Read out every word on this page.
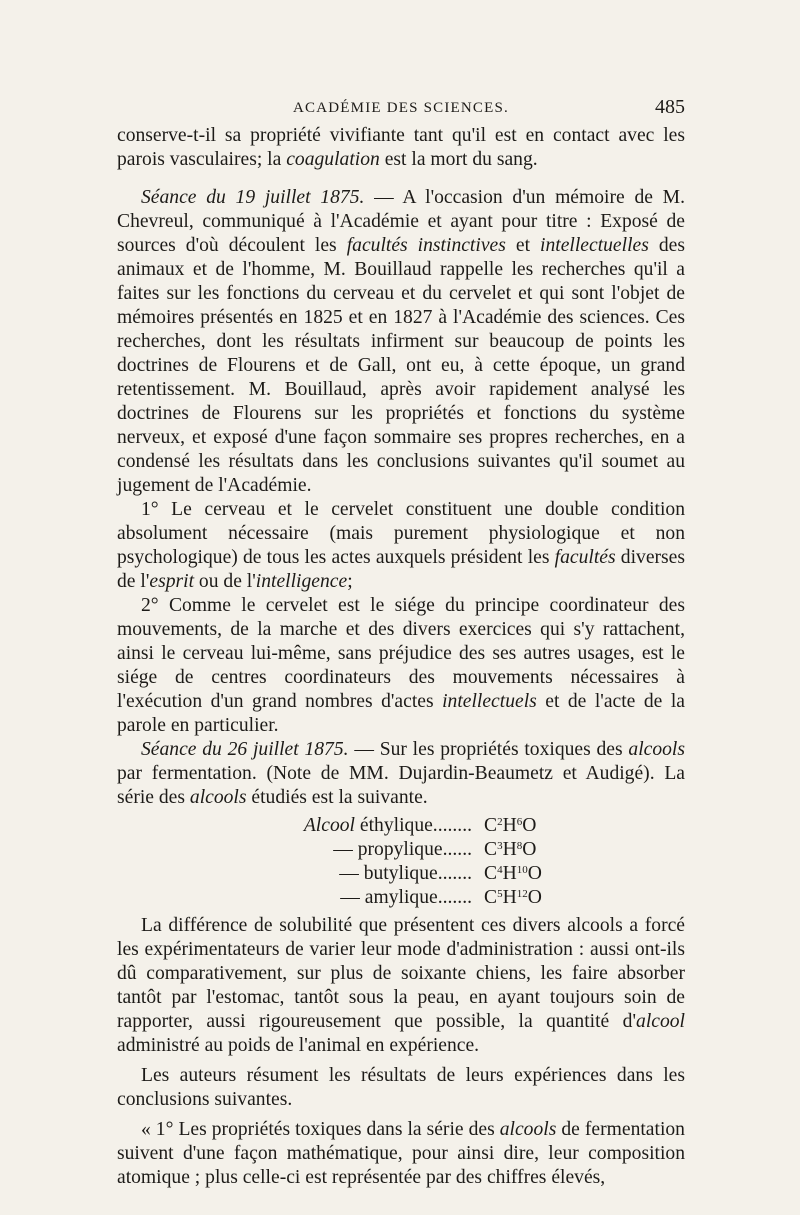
ACADÉMIE DES SCIENCES.	485

conserve-t-il sa propriété vivifiante tant qu'il est en contact avec les parois vasculaires; la coagulation est la mort du sang.

Séance du 19 juillet 1875. — A l'occasion d'un mémoire de M. Chevreul, communiqué à l'Académie et ayant pour titre : Exposé de sources d'où découlent les facultés instinctives et intellectuelles des animaux et de l'homme, M. Bouillaud rappelle les recherches qu'il a faites sur les fonctions du cerveau et du cervelet et qui sont l'objet de mémoires présentés en 1825 et en 1827 à l'Académie des sciences. Ces recherches, dont les résultats infirment sur beaucoup de points les doctrines de Flourens et de Gall, ont eu, à cette époque, un grand retentissement. M. Bouillaud, après avoir rapidement analysé les doctrines de Flourens sur les propriétés et fonctions du système nerveux, et exposé d'une façon sommaire ses propres recherches, en a condensé les résultats dans les conclusions suivantes qu'il soumet au jugement de l'Académie.

1° Le cerveau et le cervelet constituent une double condition absolument nécessaire (mais purement physiologique et non psychologique) de tous les actes auxquels président les facultés diverses de l'esprit ou de l'intelligence;

2° Comme le cervelet est le siége du principe coordinateur des mouvements, de la marche et des divers exercices qui s'y rattachent, ainsi le cerveau lui-même, sans préjudice des ses autres usages, est le siége de centres coordinateurs des mouvements nécessaires à l'exécution d'un grand nombres d'actes intellectuels et de l'acte de la parole en particulier.

Séance du 26 juillet 1875. — Sur les propriétés toxiques des alcools par fermentation. (Note de MM. Dujardin-Beaumetz et Audigé). La série des alcools étudiés est la suivante.

Alcool éthylique........	$C^2H^6O$
— propylique......	$C^3H^8O$
— butylique.......	$C^4H^{10}O$
— amylique.......	$C^5H^{12}O$

La différence de solubilité que présentent ces divers alcools a forcé les expérimentateurs de varier leur mode d'administration : aussi ont-ils dû comparativement, sur plus de soixante chiens, les faire absorber tantôt par l'estomac, tantôt sous la peau, en ayant toujours soin de rapporter, aussi rigoureusement que possible, la quantité d'alcool administré au poids de l'animal en expérience.

Les auteurs résument les résultats de leurs expériences dans les conclusions suivantes.

« 1° Les propriétés toxiques dans la série des alcools de fermentation suivent d'une façon mathématique, pour ainsi dire, leur composition atomique ; plus celle-ci est représentée par des chiffres élevés,
